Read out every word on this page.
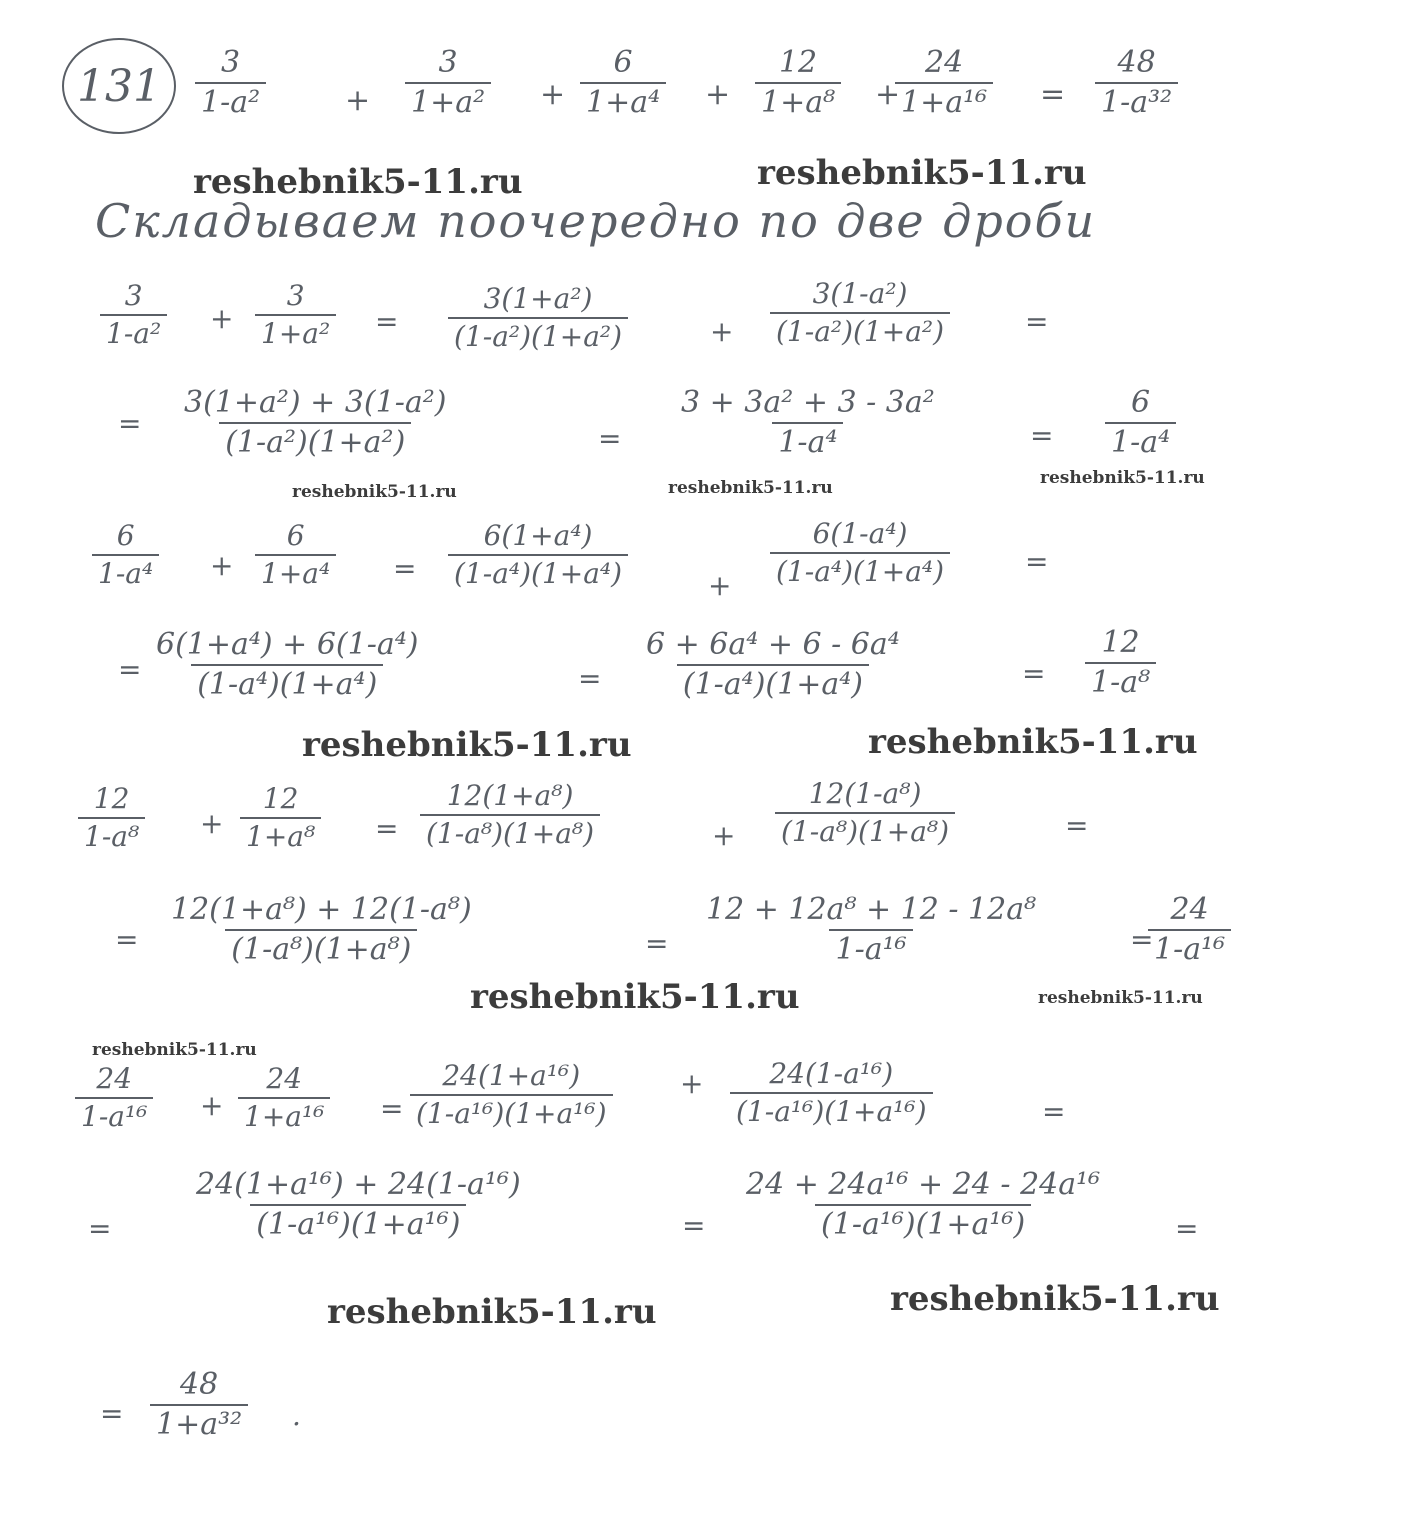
$131 \frac{3}{\text{1-a²}}$	+ $\frac{3}{\text{1+a²}} + \frac{6}{\text{1+a⁴}} + \frac{12}{\text{1+a⁸}}$ +
$\frac{24}{\text{1+a¹⁶}} = \frac{48}{\text{1-a³²}}$
reshebnik5-11.ru	reshebnik5-11.ru
Складываем поочередно по две дроби
$\frac{3}{\text{1-a²}} + \frac{3}{\text{1+a²}} = \frac{\text{3(1+a²)}}{\text{(1-a²)(1+a²)}}$	+ $\frac{\text{3(1-a²)}}{\text{(1-a²)(1+a²)}}$	=
= $\frac{\text{3(1+a²) + 3(1-a²)}}{\text{(1-a²)(1+a²)}}$	= $\frac{\text{3 + 3a² + 3 - 3a²}}{\text{1-a⁴}}$	= $\frac{6}{\text{1-a⁴}}$
reshebnik5-11.ru	reshebnik5-11.ru	reshebnik5-11.ru
$\frac{6}{\text{1-a⁴}} + \frac{6}{\text{1+a⁴}} = \frac{\text{6(1+a⁴)}}{\text{(1-a⁴)(1+a⁴)}}$	+ $\frac{\text{6(1-a⁴)}}{\text{(1-a⁴)(1+a⁴)}}$	=
= $\frac{\text{6(1+a⁴) + 6(1-a⁴)}}{\text{(1-a⁴)(1+a⁴)}}$	= $\frac{\text{6 + 6a⁴ + 6 - 6a⁴}}{\text{(1-a⁴)(1+a⁴)}}$	= $\frac{12}{\text{1-a⁸}}$
reshebnik5-11.ru	reshebnik5-11.ru
$\frac{12}{\text{1-a⁸}} + \frac{12}{\text{1+a⁸}} = \frac{\text{12(1+a⁸)}}{\text{(1-a⁸)(1+a⁸)}}$	+ $\frac{\text{12(1-a⁸)}}{\text{(1-a⁸)(1+a⁸)}}$	=
= $\frac{\text{12(1+a⁸) + 12(1-a⁸)}}{\text{(1-a⁸)(1+a⁸)}}$	= $\frac{\text{12 + 12a⁸ + 12 - 12a⁸}}{\text{1-a¹⁶}}$	=
$\frac{24}{\text{1-a¹⁶}}$
reshebnik5-11.ru	reshebnik5-11.ru
reshebnik5-11.ru
$\frac{24}{\text{1-a¹⁶}} + \frac{24}{\text{1+a¹⁶}} = \frac{\text{24(1+a¹⁶)}}{\text{(1-a¹⁶)(1+a¹⁶)}} + \frac{\text{24(1-a¹⁶)}}{\text{(1-a¹⁶)(1+a¹⁶)}}$	=
=	$\frac{\text{24(1+a¹⁶) + 24(1-a¹⁶)}}{\text{(1-a¹⁶)(1+a¹⁶)}}$	= $\frac{\text{24 + 24a¹⁶ + 24 - 24a¹⁶}}{\text{(1-a¹⁶)(1+a¹⁶)}}$ =
reshebnik5-11.ru	reshebnik5-11.ru
= $\frac{48}{\text{1+a³²}}$ .
